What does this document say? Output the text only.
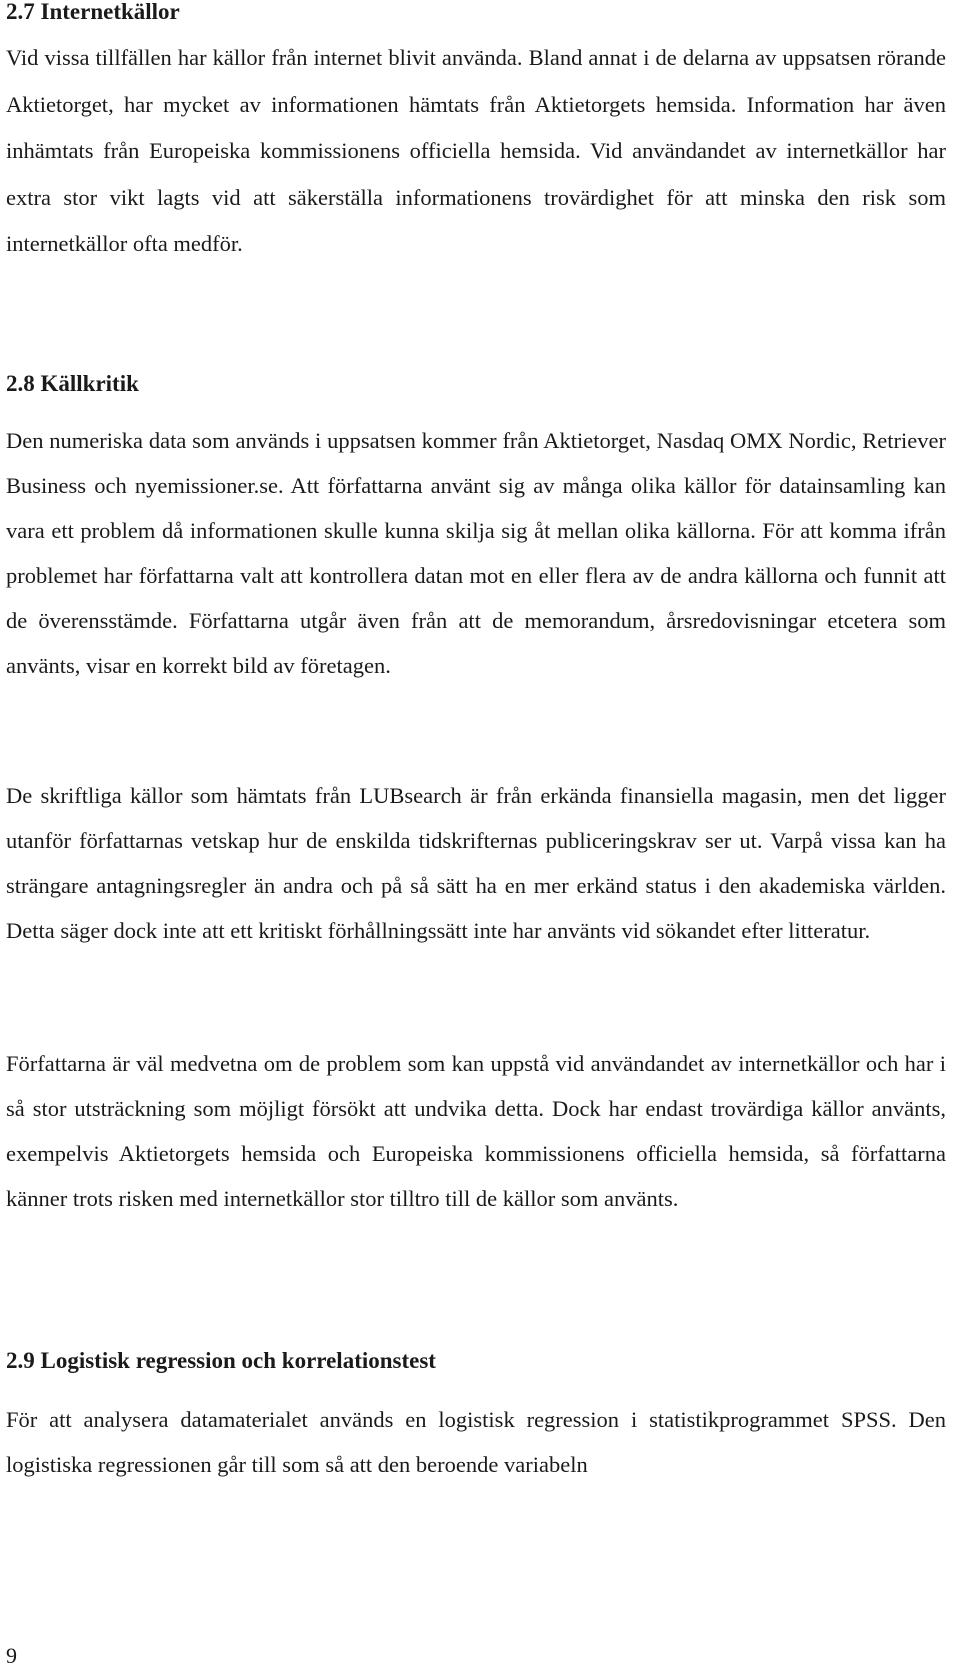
2.7 Internetkällor

Vid vissa tillfällen har källor från internet blivit använda. Bland annat i de delarna av uppsatsen rörande Aktietorget, har mycket av informationen hämtats från Aktietorgets hemsida. Information har även inhämtats från Europeiska kommissionens officiella hemsida. Vid användandet av internetkällor har extra stor vikt lagts vid att säkerställa informationens trovärdighet för att minska den risk som internetkällor ofta medför.

2.8 Källkritik

Den numeriska data som används i uppsatsen kommer från Aktietorget, Nasdaq OMX Nordic, Retriever Business och nyemissioner.se. Att författarna använt sig av många olika källor för datainsamling kan vara ett problem då informationen skulle kunna skilja sig åt mellan olika källorna. För att komma ifrån problemet har författarna valt att kontrollera datan mot en eller flera av de andra källorna och funnit att de överensstämde. Författarna utgår även från att de memorandum, årsredovisningar etcetera som använts, visar en korrekt bild av företagen.

De skriftliga källor som hämtats från LUBsearch är från erkända finansiella magasin, men det ligger utanför författarnas vetskap hur de enskilda tidskrifternas publiceringskrav ser ut. Varpå vissa kan ha strängare antagningsregler än andra och på så sätt ha en mer erkänd status i den akademiska världen. Detta säger dock inte att ett kritiskt förhållningssätt inte har använts vid sökandet efter litteratur.

Författarna är väl medvetna om de problem som kan uppstå vid användandet av internetkällor och har i så stor utsträckning som möjligt försökt att undvika detta. Dock har endast trovärdiga källor använts, exempelvis Aktietorgets hemsida och Europeiska kommissionens officiella hemsida, så författarna känner trots risken med internetkällor stor tilltro till de källor som använts.

2.9 Logistisk regression och korrelationstest

För att analysera datamaterialet används en logistisk regression i statistikprogrammet SPSS. Den logistiska regressionen går till som så att den beroende variabeln

9
